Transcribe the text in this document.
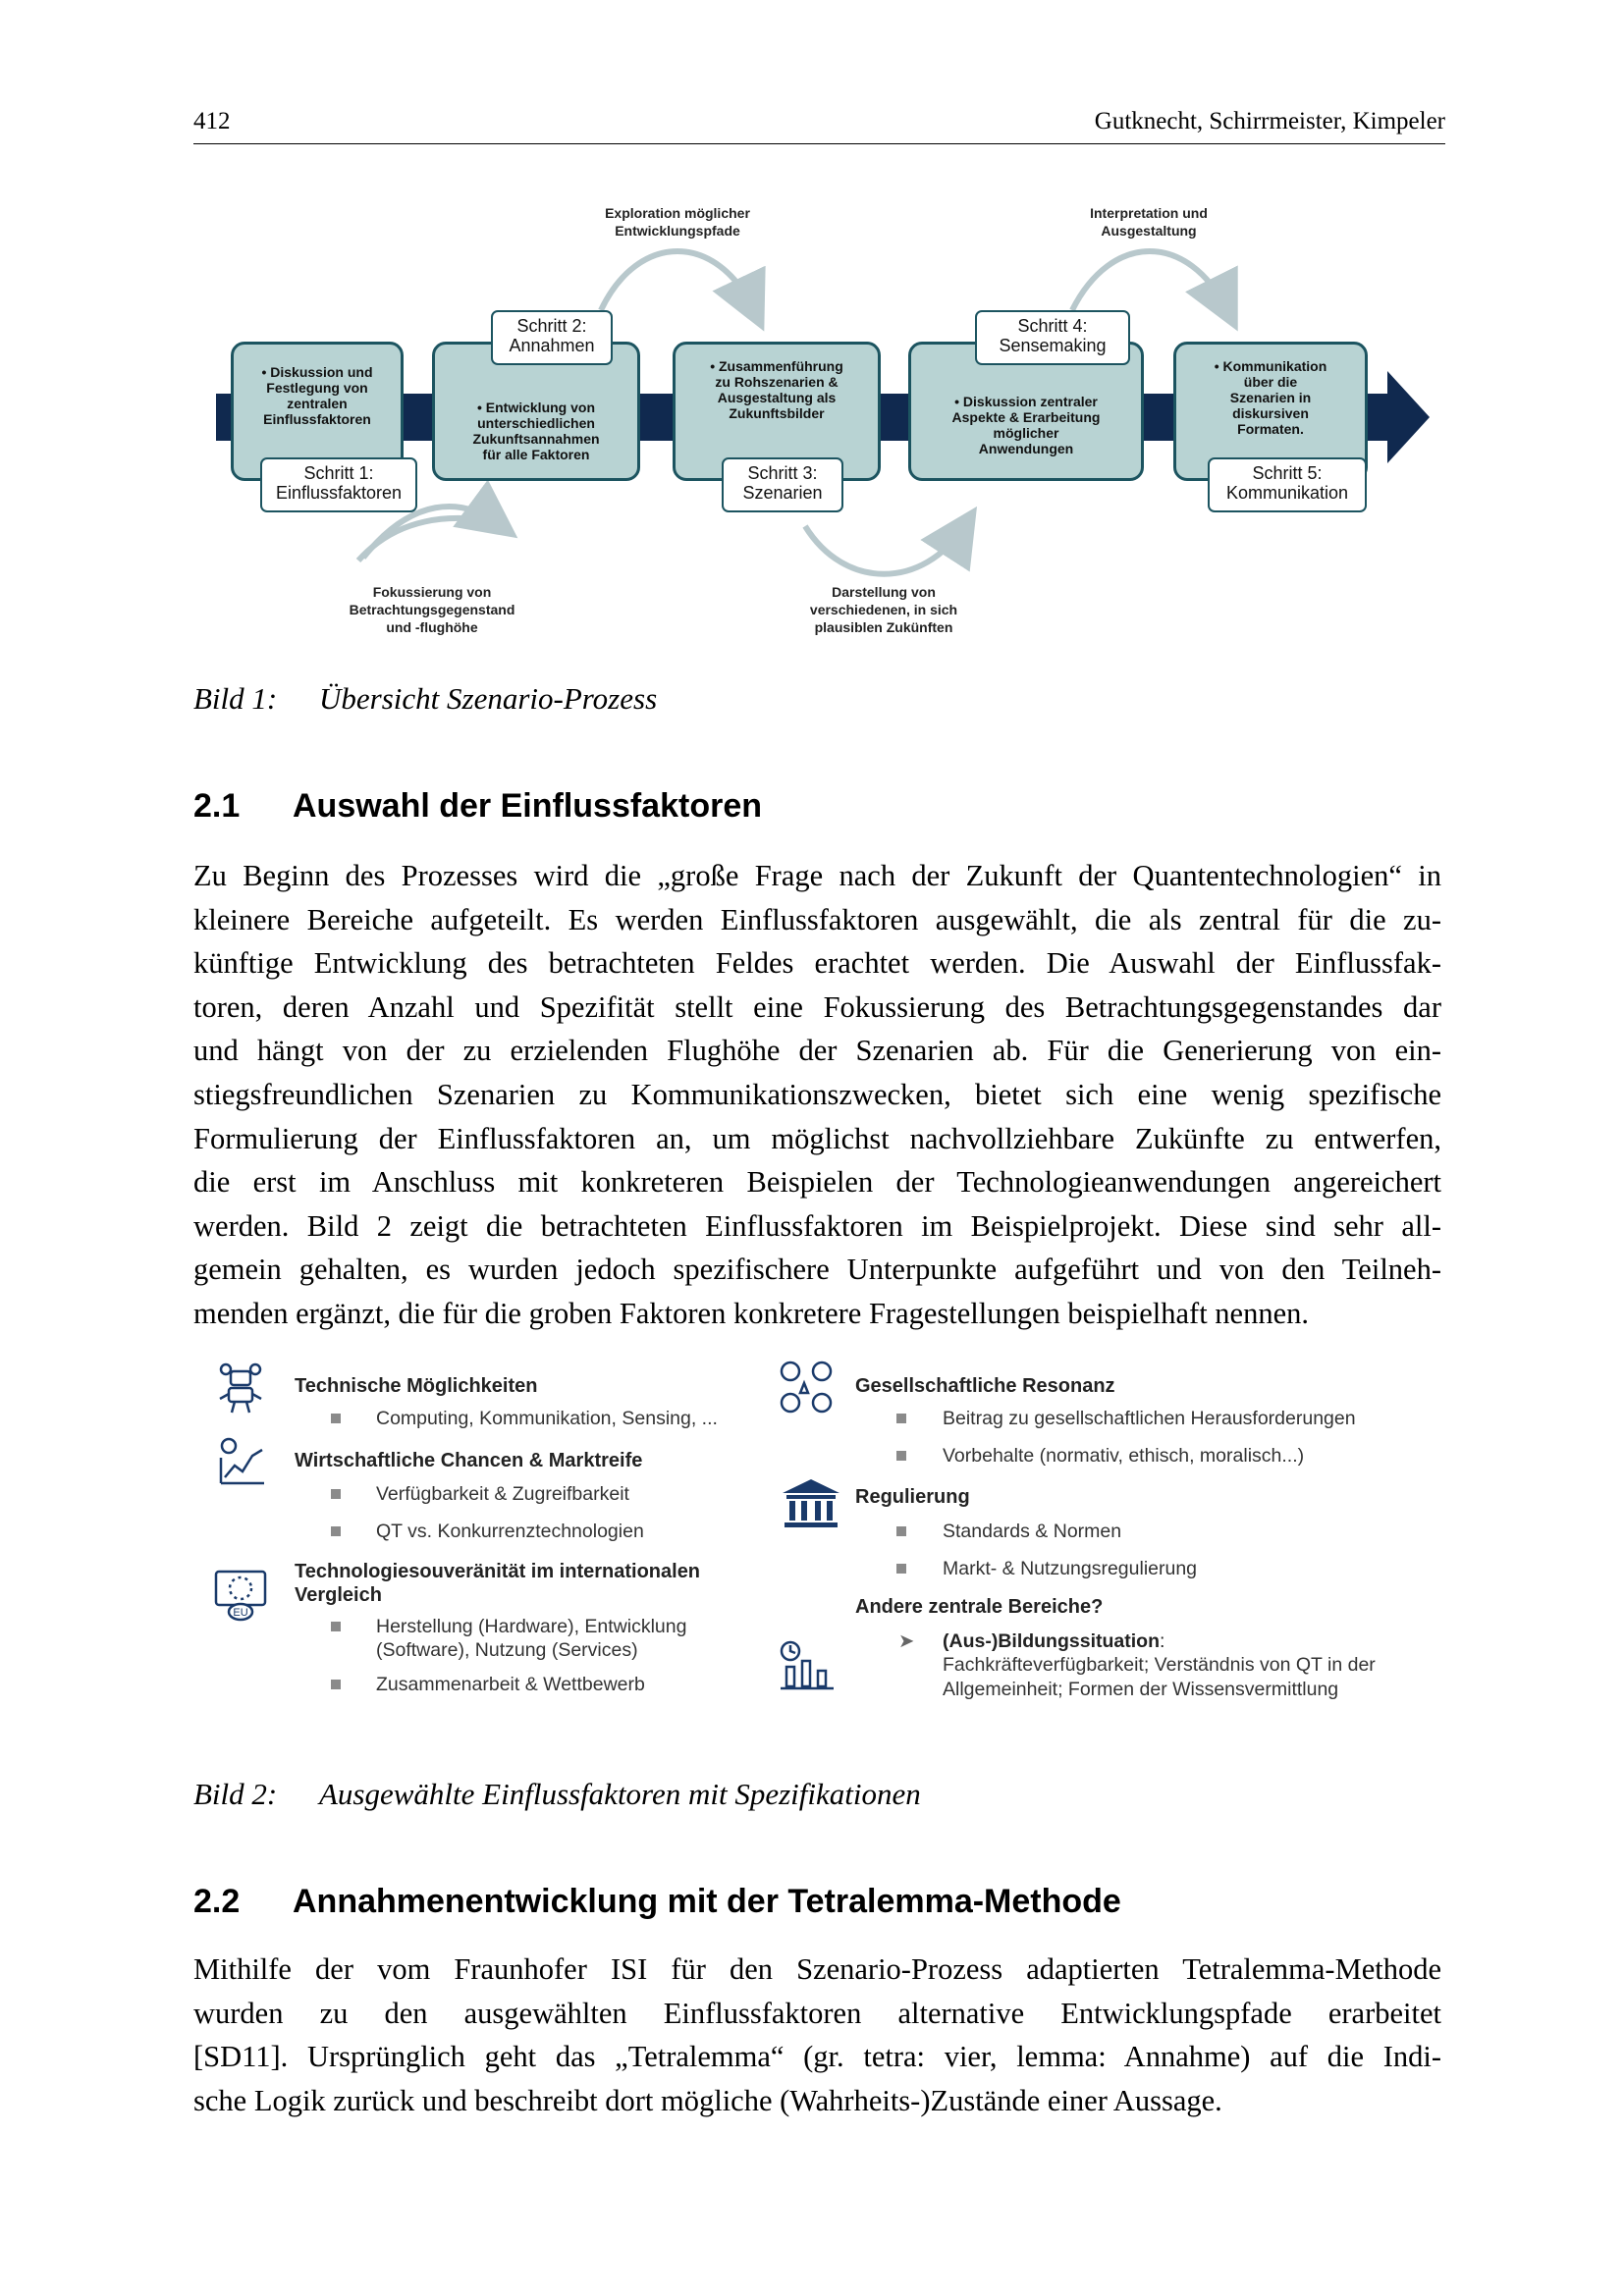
412	Gutknecht, Schirrmeister, Kimpeler
• Diskussion und
Festlegung von
zentralen
Einflussfaktoren
• Entwicklung von
unterschiedlichen
Zukunftsannahmen
für alle Faktoren
• Zusammenführung
zu Rohszenarien &
Ausgestaltung als
Zukunftsbilder
• Diskussion zentraler
Aspekte & Erarbeitung
möglicher
Anwendungen
• Kommunikation
über die
Szenarien in
diskursiven
Formaten.
Schritt 1:
Einflussfaktoren
Schritt 2:
Annahmen
Schritt 3:
Szenarien
Schritt 4:
Sensemaking
Schritt 5:
Kommunikation
Exploration möglicher
Entwicklungspfade
Interpretation und
Ausgestaltung
Fokussierung von
Betrachtungsgegenstand
und -flughöhe
Darstellung von
verschiedenen, in sich
plausiblen Zukünften
Bild 1: Übersicht Szenario-Prozess
2.1 Auswahl der Einflussfaktoren
Zu Beginn des Prozesses wird die „große Frage nach der Zukunft der Quantentechnologien“ in
kleinere Bereiche aufgeteilt. Es werden Einflussfaktoren ausgewählt, die als zentral für die zu-
künftige Entwicklung des betrachteten Feldes erachtet werden. Die Auswahl der Einflussfak-
toren, deren Anzahl und Spezifität stellt eine Fokussierung des Betrachtungsgegenstandes dar
und hängt von der zu erzielenden Flughöhe der Szenarien ab. Für die Generierung von ein-
stiegsfreundlichen Szenarien zu Kommunikationszwecken, bietet sich eine wenig spezifische
Formulierung der Einflussfaktoren an, um möglichst nachvollziehbare Zukünfte zu entwerfen,
die erst im Anschluss mit konkreteren Beispielen der Technologieanwendungen angereichert
werden. Bild 2 zeigt die betrachteten Einflussfaktoren im Beispielprojekt. Diese sind sehr all-
gemein gehalten, es wurden jedoch spezifischere Unterpunkte aufgeführt und von den Teilneh-
menden ergänzt, die für die groben Faktoren konkretere Fragestellungen beispielhaft nennen.
EU
Technische Möglichkeiten
Computing, Kommunikation, Sensing, ...
Wirtschaftliche Chancen & Marktreife
Verfügbarkeit & Zugreifbarkeit
QT vs. Konkurrenztechnologien
Technologiesouveränität im internationalen
Vergleich
Herstellung (Hardware), Entwicklung
(Software), Nutzung (Services)
Zusammenarbeit & Wettbewerb
Gesellschaftliche Resonanz
Beitrag zu gesellschaftlichen Herausforderungen
Vorbehalte (normativ, ethisch, moralisch...)
Regulierung
Standards & Normen
Markt- & Nutzungsregulierung
Andere zentrale Bereiche?
➤ (Aus-)Bildungssituation:
Fachkräfteverfügbarkeit; Verständnis von QT in der
Allgemeinheit; Formen der Wissensvermittlung
Bild 2: Ausgewählte Einflussfaktoren mit Spezifikationen
2.2 Annahmenentwicklung mit der Tetralemma-Methode
Mithilfe der vom Fraunhofer ISI für den Szenario-Prozess adaptierten Tetralemma-Methode
wurden zu den ausgewählten Einflussfaktoren alternative Entwicklungspfade erarbeitet
[SD11]. Ursprünglich geht das „Tetralemma“ (gr. tetra: vier, lemma: Annahme) auf die Indi-
sche Logik zurück und beschreibt dort mögliche (Wahrheits-)Zustände einer Aussage.
